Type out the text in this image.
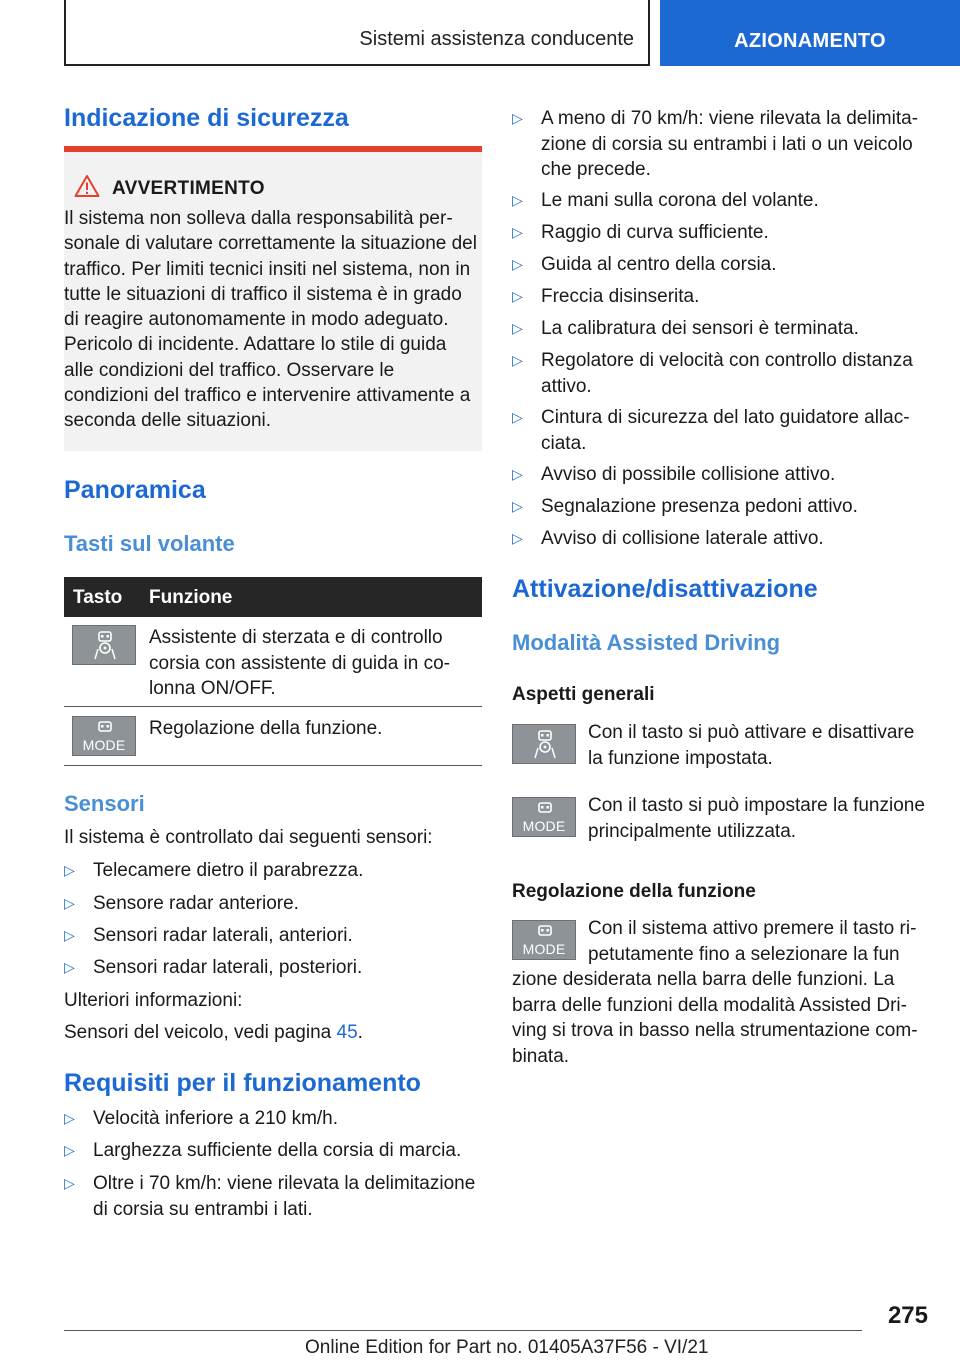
Sistemi assistenza conducente	AZIONAMENTO
Indicazione di sicurezza
AVVERTIMENTO
Il sistema non solleva dalla responsabilità personale di valutare correttamente la situazione del traffico. Per limiti tecnici insiti nel sistema, non in tutte le situazioni di traffico il sistema è in grado di reagire autonomamente in modo adeguato. Pericolo di incidente. Adattare lo stile di guida alle condizioni del traffico. Osservare le condizioni del traffico e intervenire attivamente a seconda delle situazioni.
Panoramica
Tasti sul volante
Tasto Funzione
Assistente di sterzata e di controllo corsia con assistente di guida in colonna ON/OFF.
MODE
Regolazione della funzione.
Sensori
Il sistema è controllato dai seguenti sensori:
▷ Telecamere dietro il parabrezza.
▷ Sensore radar anteriore.
▷ Sensori radar laterali, anteriori.
▷ Sensori radar laterali, posteriori.
Ulteriori informazioni:
Sensori del veicolo, vedi pagina 45.
Requisiti per il funzionamento
▷ Velocità inferiore a 210 km/h.
▷ Larghezza sufficiente della corsia di marcia.
▷ Oltre i 70 km/h: viene rilevata la delimitazione di corsia su entrambi i lati.
▷ A meno di 70 km/h: viene rilevata la delimitazione di corsia su entrambi i lati o un veicolo che precede.
▷ Le mani sulla corona del volante.
▷ Raggio di curva sufficiente.
▷ Guida al centro della corsia.
▷ Freccia disinserita.
▷ La calibratura dei sensori è terminata.
▷ Regolatore di velocità con controllo distanza attivo.
▷ Cintura di sicurezza del lato guidatore allacciata.
▷ Avviso di possibile collisione attivo.
▷ Segnalazione presenza pedoni attivo.
▷ Avviso di collisione laterale attivo.
Attivazione/disattivazione
Modalità Assisted Driving
Aspetti generali
Con il tasto si può attivare e disattivare la funzione impostata.
MODE
Con il tasto si può impostare la funzione principalmente utilizzata.
Regolazione della funzione
MODE
Con il sistema attivo premere il tasto ripetutamente fino a selezionare la fun
zione desiderata nella barra delle funzioni. La barra delle funzioni della modalità Assisted Driving si trova in basso nella strumentazione combinata.
275
Online Edition for Part no. 01405A37F56 - VI/21
